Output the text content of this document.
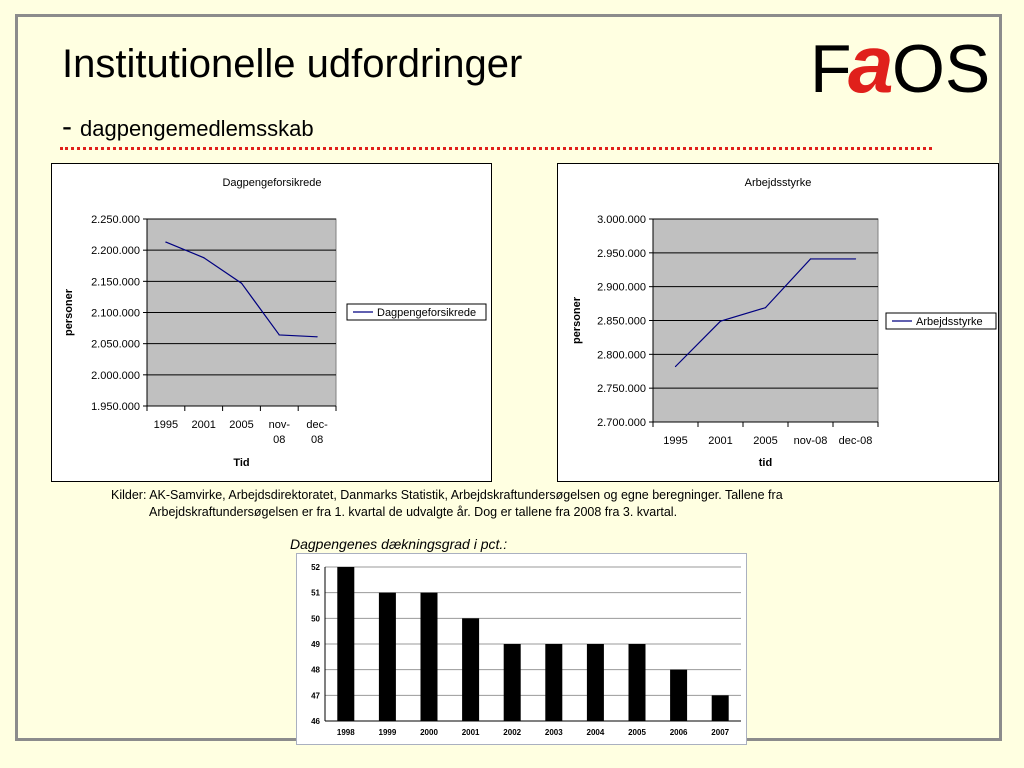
Institutionelle udfordringer
- dagpengemedlemsskab
F
a
OS
Dagpengeforsikrede
1.950.000
2.000.000
2.050.000
2.100.000
2.150.000
2.200.000
2.250.000
1995 2001 2005 nov-08
dec-08
Tid
personer	Dagpengeforsikrede
Arbejdsstyrke
2.700.000
2.750.000
2.800.000
2.850.000
2.900.000
2.950.000
3.000.000
1995 2001 2005 nov-08 dec-08
tid
personer	Arbejdsstyrke
Kilder: AK-Samvirke, Arbejdsdirektoratet, Danmarks Statistik, Arbejdskraftundersøgelsen og egne beregninger. Tallene fra
Arbejdskraftundersøgelsen er fra 1. kvartal de udvalgte år. Dog er tallene fra 2008 fra 3. kvartal.
Dagpengenes dækningsgrad i pct.:
46
47
48
49
50
51
52
1998	1999	2000	2001	2002	2003	2004	2005	2006	2007
